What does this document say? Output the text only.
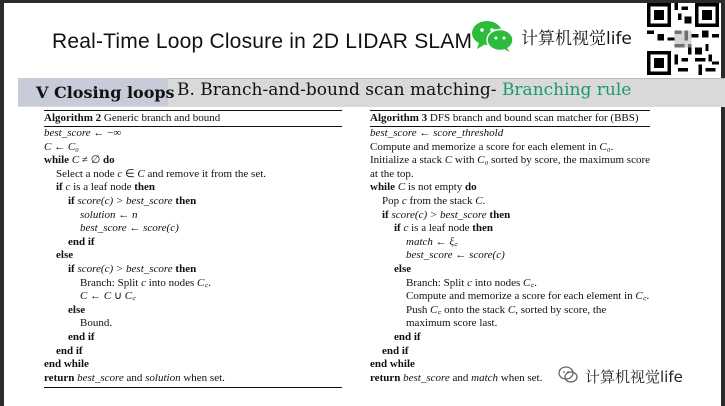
Real-Time Loop Closure in 2D LIDAR SLAM	计算机视觉life
V Closing loops B. Branch-and-bound scan matching- Branching rule
Algorithm 2 Generic branch and bound
best_score ← −∞
C ← C₀
while C ≠ ∅ do
Select a node c ∈ C and remove it from the set.
if c is a leaf node then
if score(c) > best_score then
solution ← n
best_score ← score(c)
end if
else
if score(c) > best_score then
Branch: Split c into nodes C꜀.
C ← C ∪ C꜀
else
Bound.
end if
end if
end while
return best_score and solution when set.
Algorithm 3 DFS branch and bound scan matcher for (BBS)
best_score ← score_threshold
Compute and memorize a score for each element in C₀.
Initialize a stack C with C₀ sorted by score, the maximum score at the top.
while C is not empty do
Pop c from the stack C.
if score(c) > best_score then
if c is a leaf node then
match ← ξ꜀
best_score ← score(c)
else
Branch: Split c into nodes C꜀.
Compute and memorize a score for each element in C꜀.
Push C꜀ onto the stack C, sorted by score, the maximum score last.
end if
end if
end while
return best_score and match when set.	计算机视觉life
